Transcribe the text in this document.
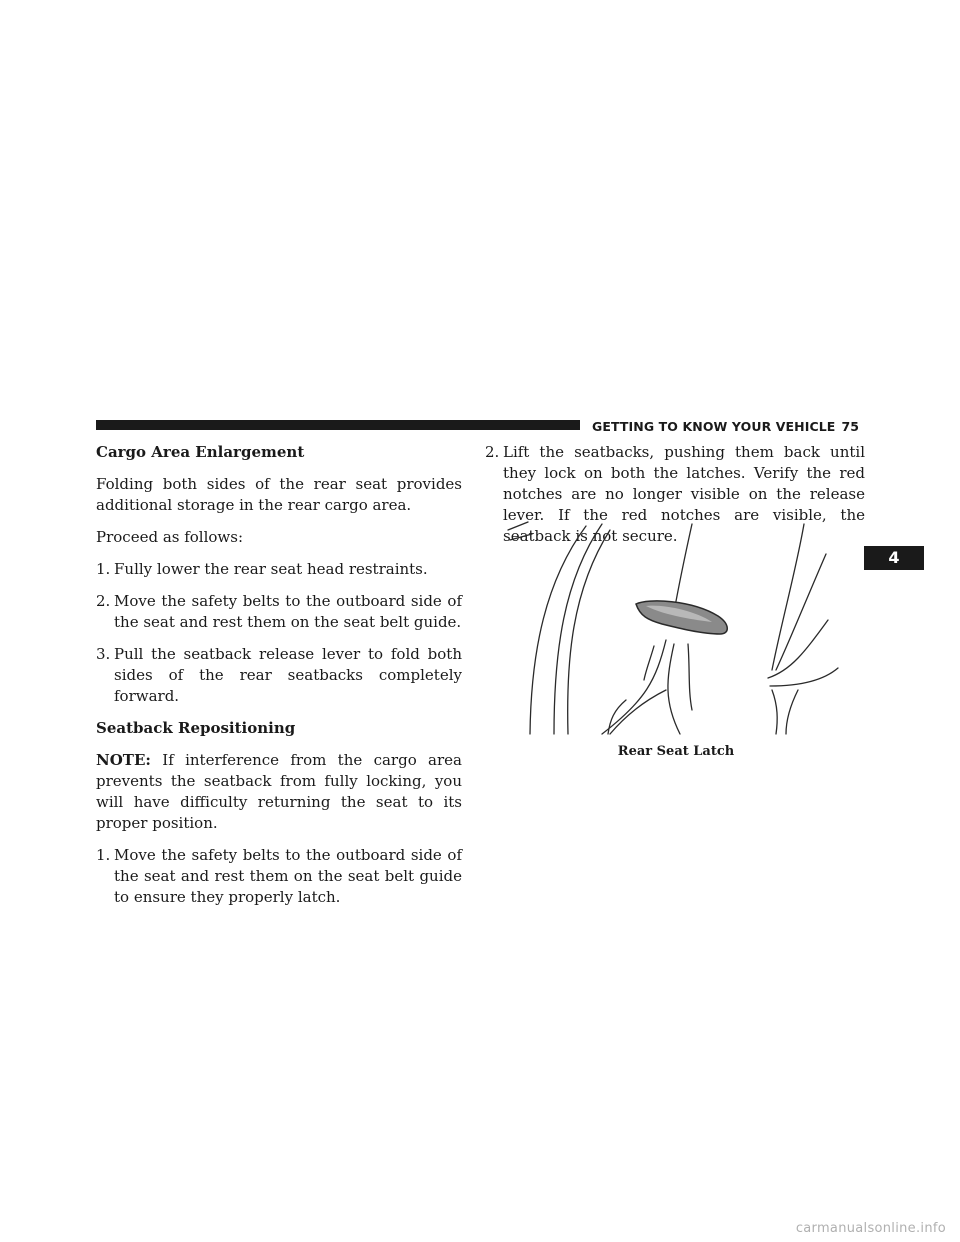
GETTING TO KNOW YOUR VEHICLE 75
4
Cargo Area Enlargement

Folding both sides of the rear seat provides additional storage in the rear cargo area.

Proceed as follows:

1. Fully lower the rear seat head restraints.
2. Move the safety belts to the outboard side of the seat and rest them on the seat belt guide.
3. Pull the seatback release lever to fold both sides of the rear seatbacks completely forward.
Seatback Repositioning

NOTE: If interference from the cargo area prevents the seatback from fully locking, you will have difficulty returning the seat to its proper position.

1. Move the safety belts to the outboard side of the seat and rest them on the seat belt guide to ensure they properly latch.
2. Lift the seatbacks, pushing them back until they lock on both the latches. Verify the red notches are no longer visible on the release lever. If the red notches are visible, the seatback is not secure.
Rear Seat Latch
carmanualsonline.info
